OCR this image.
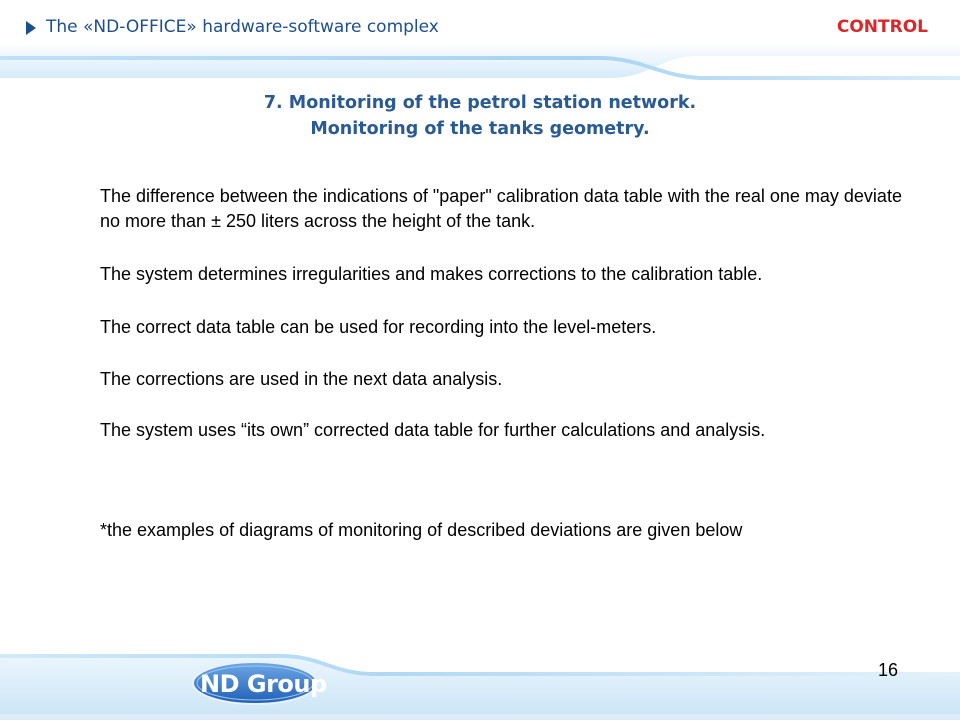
The «ND-OFFICE» hardware-software complex	CONTROL
7. Monitoring of the petrol station network.
Monitoring of the tanks geometry.
The difference between the indications of "paper" calibration data table with the real one may deviate no more than ± 250 liters across the height of the tank.
The system determines irregularities and makes corrections to the calibration table.
The correct data table can be used for recording into the level-meters.
The corrections are used in the next data analysis.
The system uses “its own” corrected data table for further calculations and analysis.
*the examples of diagrams of monitoring of described deviations are given below
ND Group	16
